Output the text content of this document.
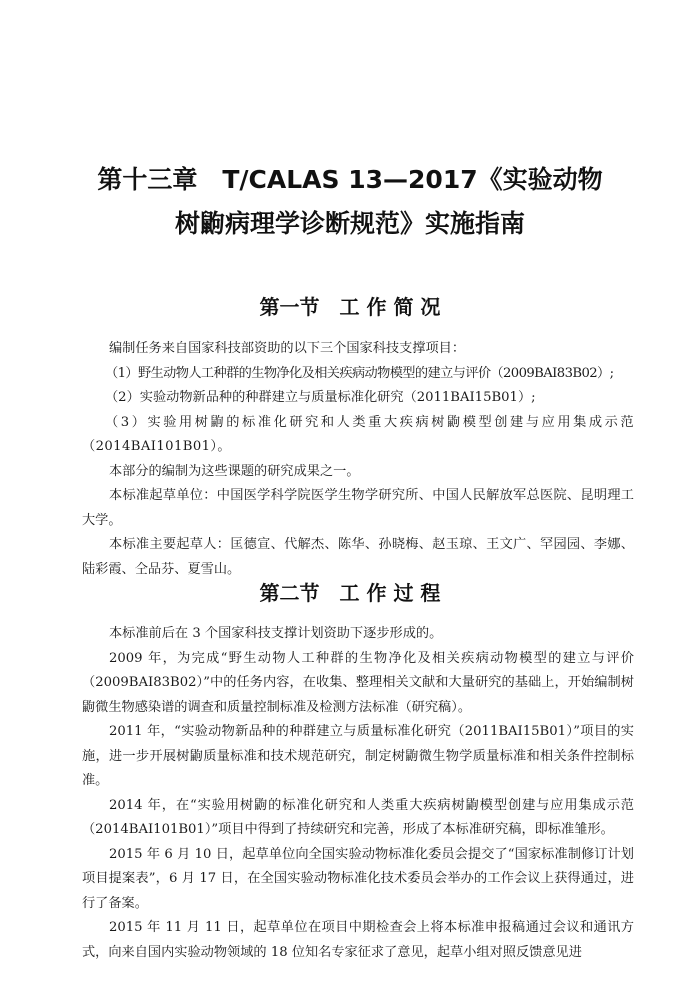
第十三章　T/CALAS 13—2017《实验动物
树鼩病理学诊断规范》实施指南
第一节　工 作 简 况

编制任务来自国家科技部资助的以下三个国家科技支撑项目：

（1）野生动物人工种群的生物净化及相关疾病动物模型的建立与评价（2009BAI83B02）;

（2）实验动物新品种的种群建立与质量标准化研究（2011BAI15B01）;

（3）实验用树鼩的标准化研究和人类重大疾病树鼩模型创建与应用集成示范（2014BAI101B01）。

本部分的编制为这些课题的研究成果之一。

本标准起草单位：中国医学科学院医学生物学研究所、中国人民解放军总医院、昆明理工大学。

本标准主要起草人：匡德宣、代解杰、陈华、孙晓梅、赵玉琼、王文广、罕园园、李娜、陆彩霞、仝品芬、夏雪山。

第二节　工 作 过 程

本标准前后在 3 个国家科技支撑计划资助下逐步形成的。

2009 年，为完成“野生动物人工种群的生物净化及相关疾病动物模型的建立与评价（2009BAI83B02）”中的任务内容，在收集、整理相关文献和大量研究的基础上，开始编制树鼩微生物感染谱的调查和质量控制标准及检测方法标准（研究稿）。

2011 年，“实验动物新品种的种群建立与质量标准化研究（2011BAI15B01）”项目的实施，进一步开展树鼩质量标准和技术规范研究，制定树鼩微生物学质量标准和相关条件控制标准。

2014 年，在“实验用树鼩的标准化研究和人类重大疾病树鼩模型创建与应用集成示范（2014BAI101B01）”项目中得到了持续研究和完善，形成了本标准研究稿，即标准雏形。

2015 年 6 月 10 日，起草单位向全国实验动物标准化委员会提交了“国家标准制修订计划项目提案表”，6 月 17 日，在全国实验动物标准化技术委员会举办的工作会议上获得通过，进行了备案。

2015 年 11 月 11 日，起草单位在项目中期检查会上将本标准申报稿通过会议和通讯方式，向来自国内实验动物领域的 18 位知名专家征求了意见，起草小组对照反馈意见进
